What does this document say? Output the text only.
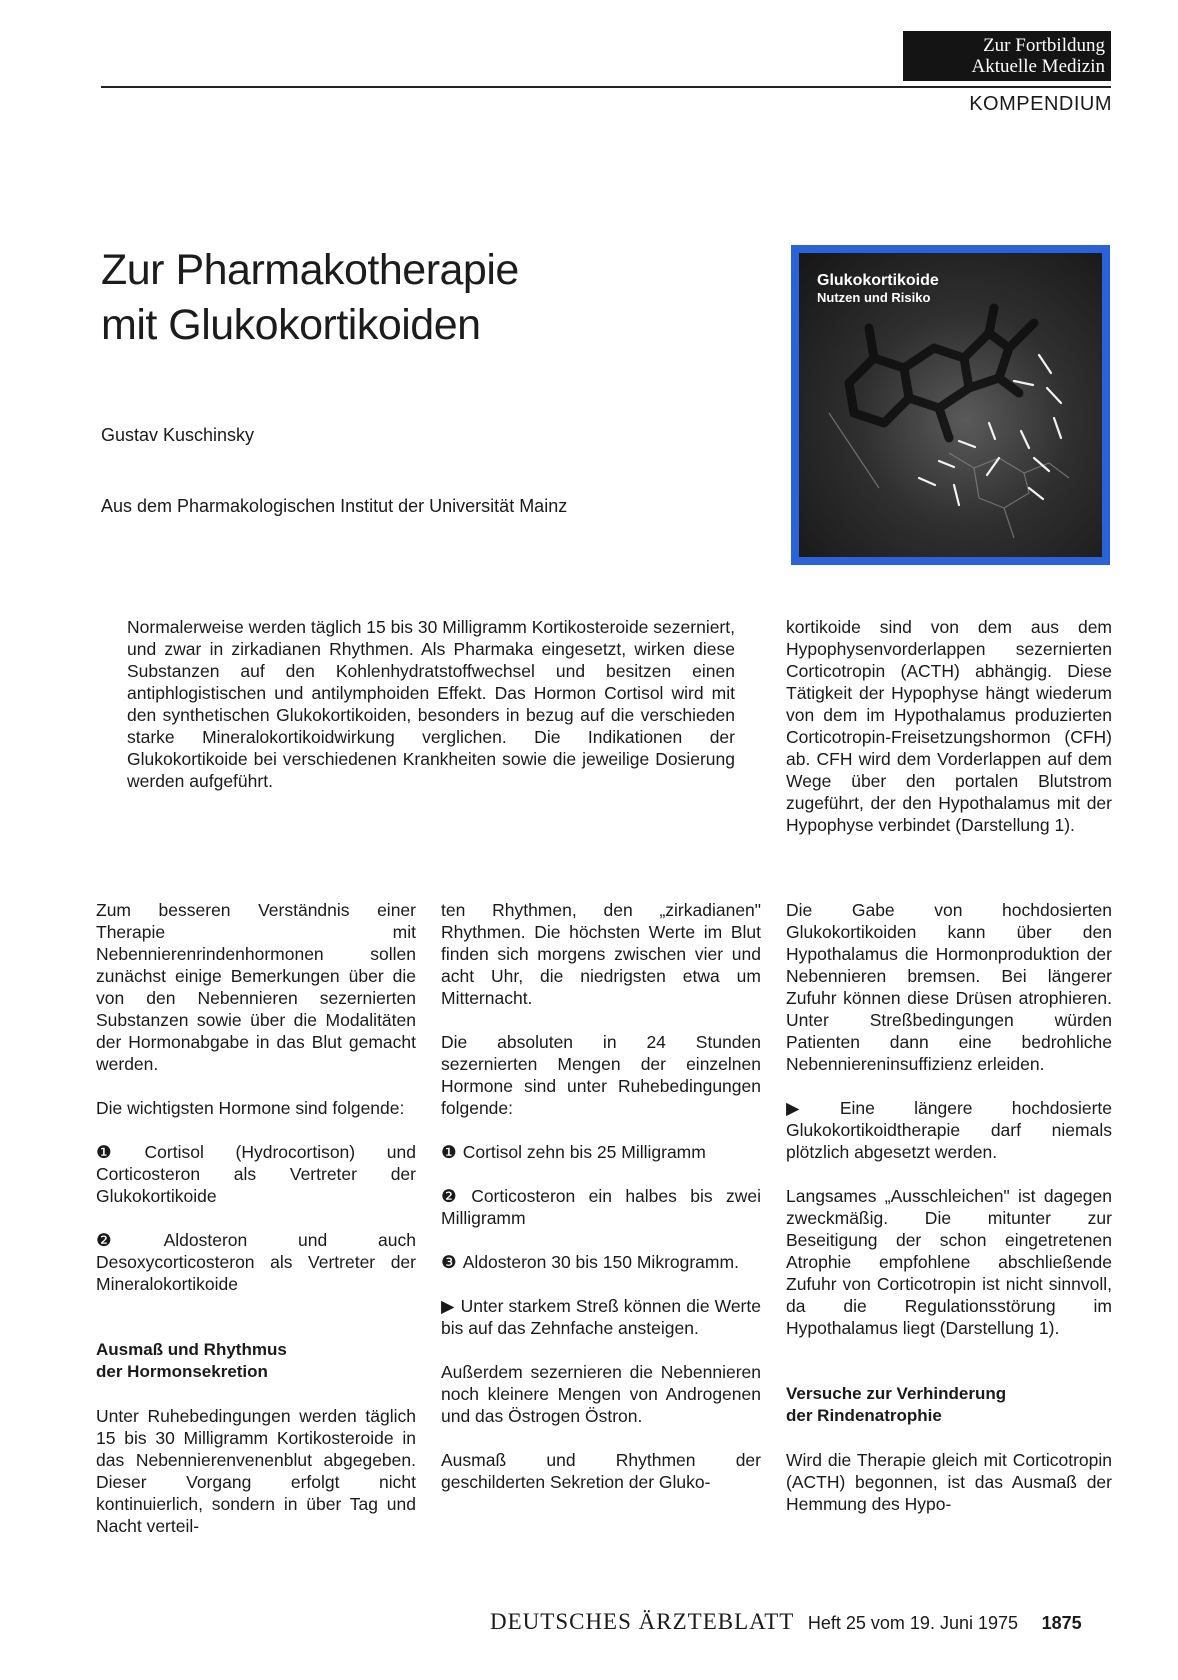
Zur Fortbildung
Aktuelle Medizin
KOMPENDIUM
Zur Pharmakotherapie
mit Glukokortikoiden
Gustav Kuschinsky
Aus dem Pharmakologischen Institut der Universität Mainz
Glukokortikoide
Nutzen und Risiko

Normalerweise werden täglich 15 bis 30 Milligramm Kortikosteroide sezerniert, und zwar in zirkadianen Rhythmen. Als Pharmaka eingesetzt, wirken diese Substanzen auf den Kohlenhydratstoffwechsel und besitzen einen antiphlogistischen und antilymphoiden Effekt. Das Hormon Cortisol wird mit den synthetischen Glukokortikoiden, besonders in bezug auf die verschieden starke Mineralokortikoidwirkung verglichen. Die Indikationen der Glukokortikoide bei verschiedenen Krankheiten sowie die jeweilige Dosierung werden aufgeführt.

kortikoide sind von dem aus dem Hypophysenvorderlappen sezernierten Corticotropin (ACTH) abhängig. Diese Tätigkeit der Hypophyse hängt wiederum von dem im Hypothalamus produzierten Corticotropin-Freisetzungshormon (CFH) ab. CFH wird dem Vorderlappen auf dem Wege über den portalen Blutstrom zugeführt, der den Hypothalamus mit der Hypophyse verbindet (Darstellung 1).

Zum besseren Verständnis einer Therapie mit Nebennierenrindenhormonen sollen zunächst einige Bemerkungen über die von den Nebennieren sezernierten Substanzen sowie über die Modalitäten der Hormonabgabe in das Blut gemacht werden.

Die wichtigsten Hormone sind folgende:

❶ Cortisol (Hydrocortison) und Corticosteron als Vertreter der Glukokortikoide

❷ Aldosteron und auch Desoxycorticosteron als Vertreter der Mineralokortikoide

Ausmaß und Rhythmus
der Hormonsekretion

Unter Ruhebedingungen werden täglich 15 bis 30 Milligramm Kortikosteroide in das Nebennierenvenenblut abgegeben. Dieser Vorgang erfolgt nicht kontinuierlich, sondern in über Tag und Nacht verteil-

ten Rhythmen, den „zirkadianen" Rhythmen. Die höchsten Werte im Blut finden sich morgens zwischen vier und acht Uhr, die niedrigsten etwa um Mitternacht.

Die absoluten in 24 Stunden sezernierten Mengen der einzelnen Hormone sind unter Ruhebedingungen folgende:

❶ Cortisol zehn bis 25 Milligramm

❷ Corticosteron ein halbes bis zwei Milligramm

❸ Aldosteron 30 bis 150 Mikrogramm.

▶ Unter starkem Streß können die Werte bis auf das Zehnfache ansteigen.

Außerdem sezernieren die Nebennieren noch kleinere Mengen von Androgenen und das Östrogen Östron.

Ausmaß und Rhythmen der geschilderten Sekretion der Gluko-

Die Gabe von hochdosierten Glukokortikoiden kann über den Hypothalamus die Hormonproduktion der Nebennieren bremsen. Bei längerer Zufuhr können diese Drüsen atrophieren. Unter Streßbedingungen würden Patienten dann eine bedrohliche Nebenniereninsuffizienz erleiden.

▶ Eine längere hochdosierte Glukokortikoidtherapie darf niemals plötzlich abgesetzt werden.

Langsames „Ausschleichen" ist dagegen zweckmäßig. Die mitunter zur Beseitigung der schon eingetretenen Atrophie empfohlene abschließende Zufuhr von Corticotropin ist nicht sinnvoll, da die Regulationsstörung im Hypothalamus liegt (Darstellung 1).

Versuche zur Verhinderung
der Rindenatrophie

Wird die Therapie gleich mit Corticotropin (ACTH) begonnen, ist das Ausmaß der Hemmung des Hypo-

DEUTSCHES ÄRZTEBLATT Heft 25 vom 19. Juni 1975 1875
